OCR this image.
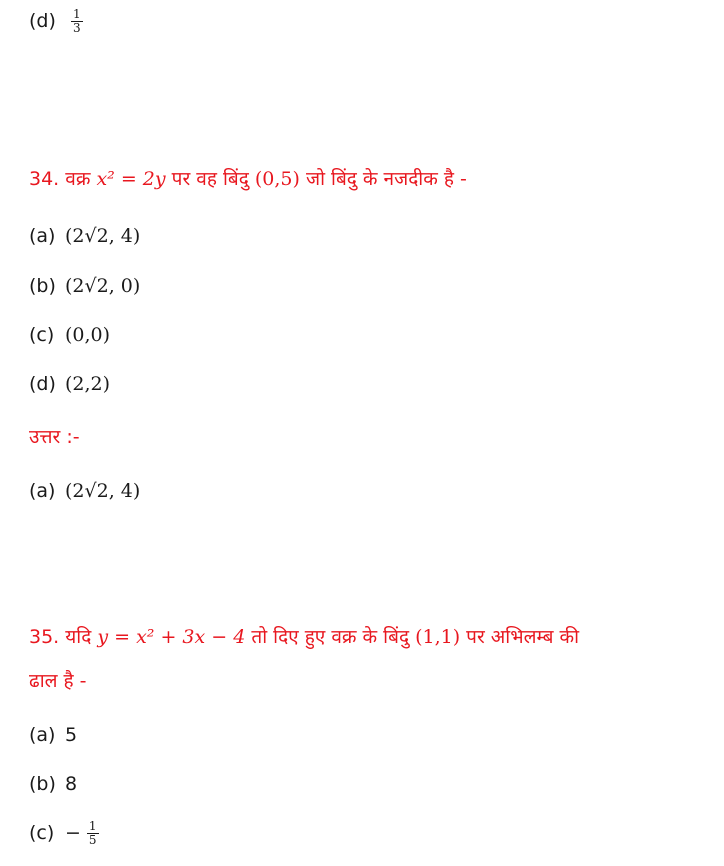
$(d) \frac{1}{3}$
34. वक्र x² = 2y पर वह बिंदु (0,5) जो बिंदु के नजदीक है -
(a) (2√2, 4)
(b) (2√2, 0)
(c) (0,0)
(d) (2,2)
उत्तर :-
(a) (2√2, 4)
35. यदि y = x² + 3x − 4 तो दिए हुए वक्र के बिंदु (1,1) पर अभिलम्ब की
ढाल है -
(a) 5
(b) 8
$(c) - \frac{1}{5}$
